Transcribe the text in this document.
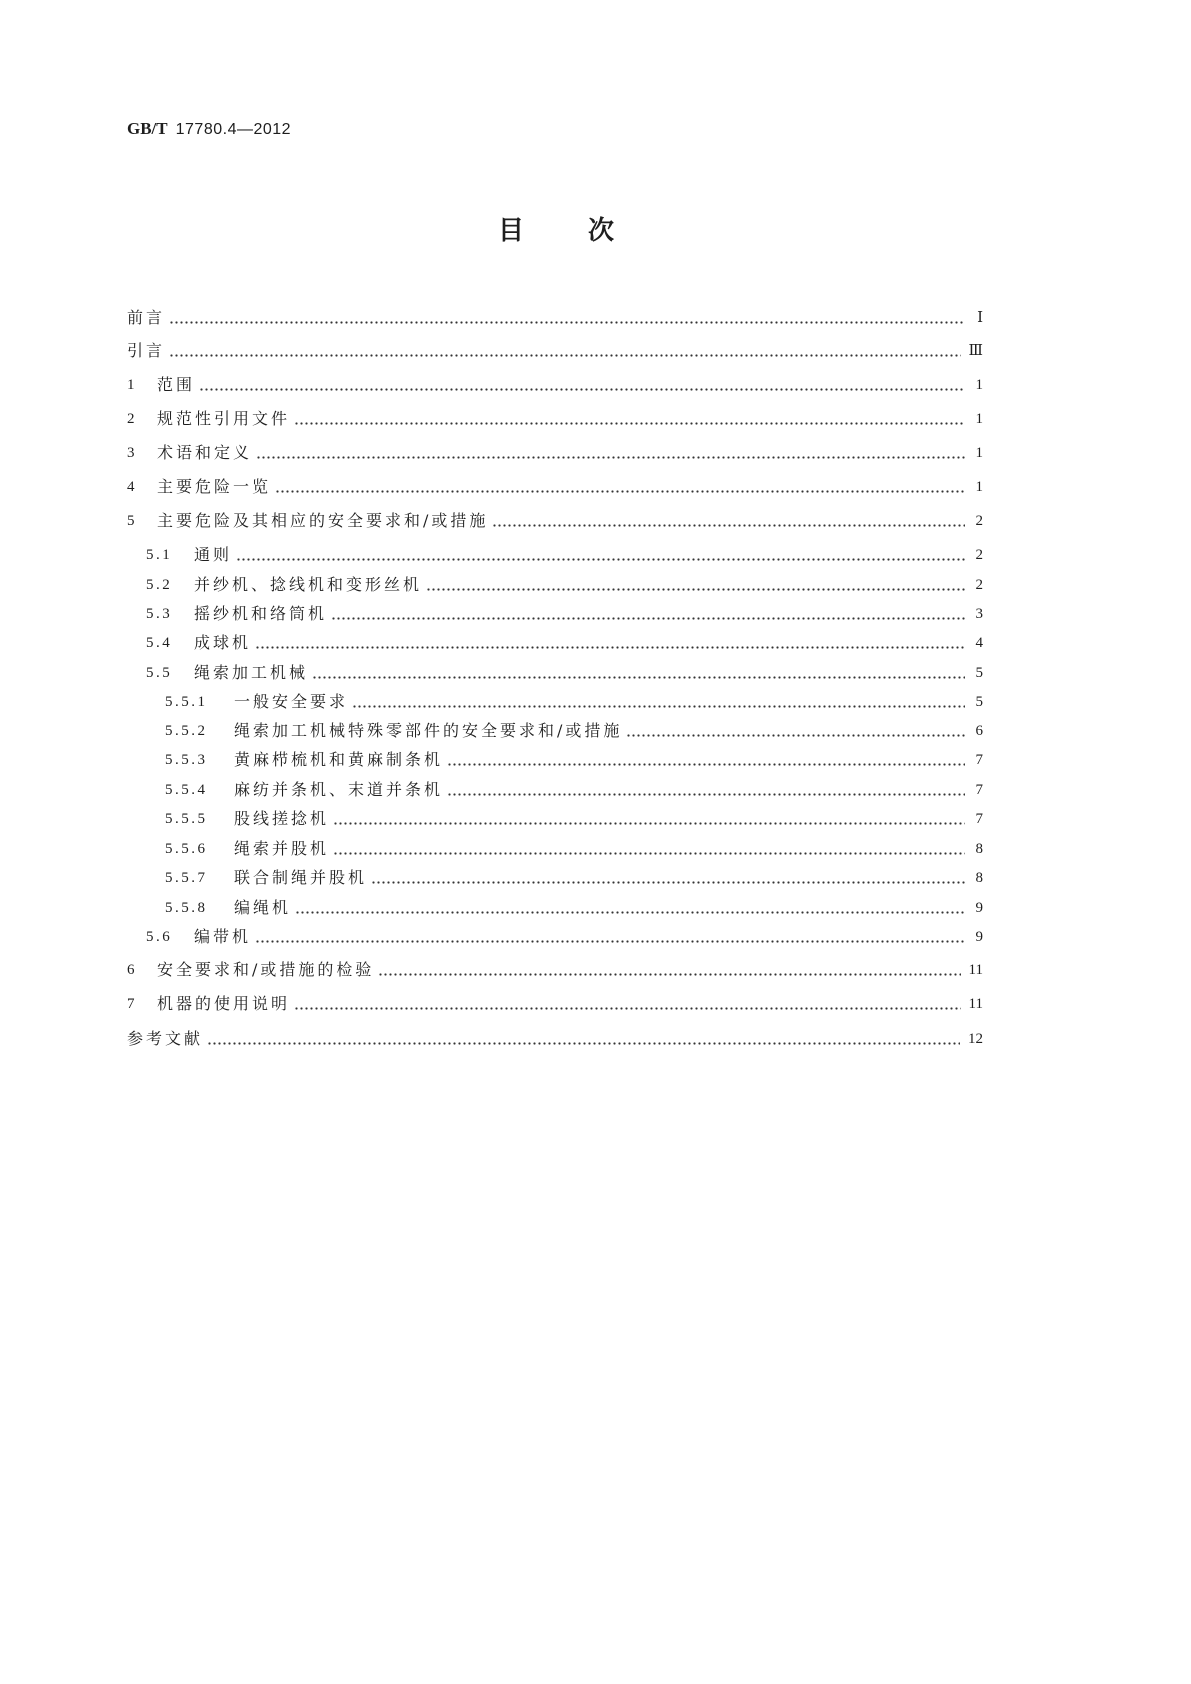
GB/T 17780.4—2012
目 次
前言	Ⅰ
引言	Ⅲ
1 范围	1
2 规范性引用文件	1
3 术语和定义	1
4 主要危险一览	1
5 主要危险及其相应的安全要求和/或措施	2
5.1 通则	2
5.2 并纱机、捻线机和变形丝机	2
5.3 摇纱机和络筒机	3
5.4 成球机	4
5.5 绳索加工机械	5
5.5.1 一般安全要求	5
5.5.2 绳索加工机械特殊零部件的安全要求和/或措施	6
5.5.3 黄麻栉梳机和黄麻制条机	7
5.5.4 麻纺并条机、末道并条机	7
5.5.5 股线搓捻机	7
5.5.6 绳索并股机	8
5.5.7 联合制绳并股机	8
5.5.8 编绳机	9
5.6 编带机	9
6 安全要求和/或措施的检验	11
7 机器的使用说明	11
参考文献	12
